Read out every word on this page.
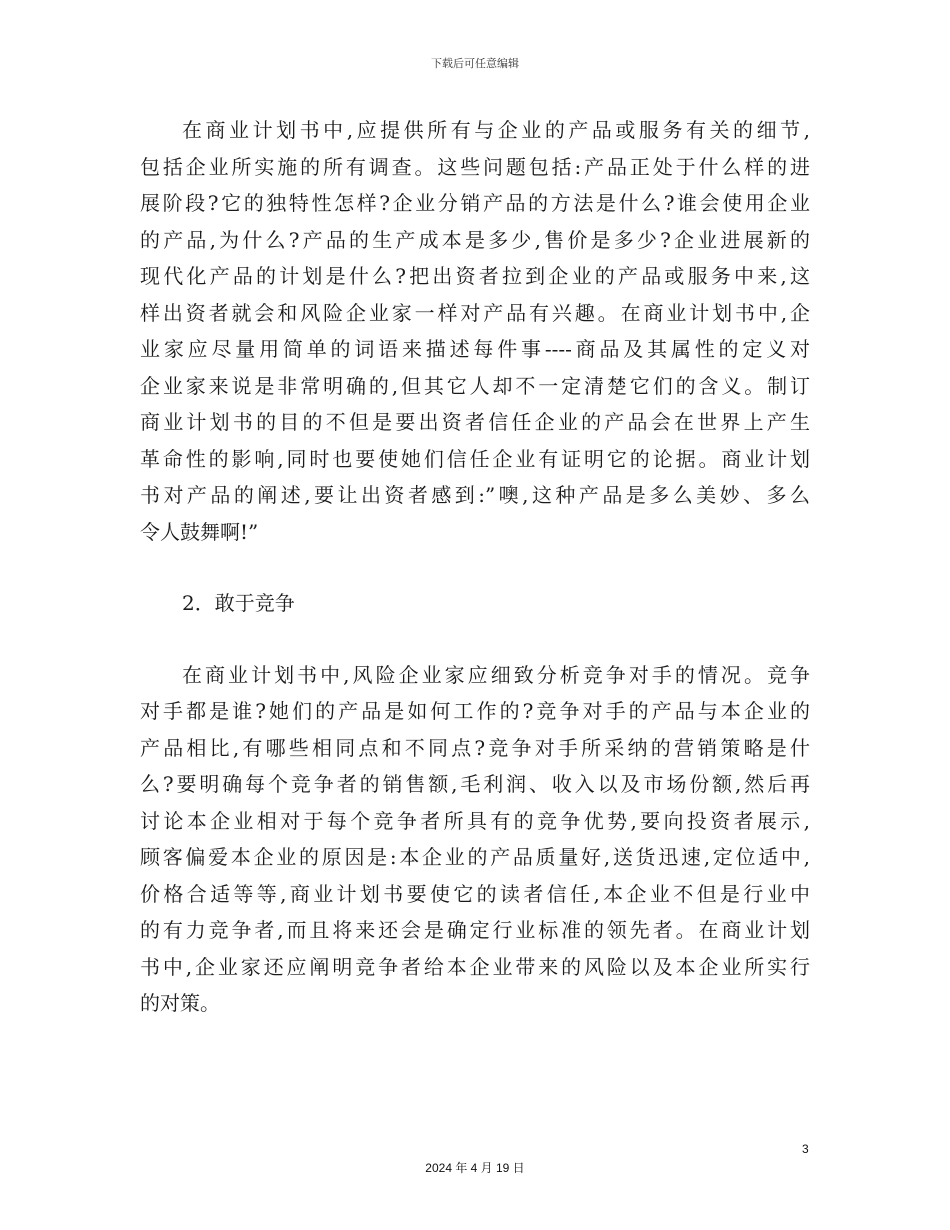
下载后可任意编辑
在商业计划书中,应提供所有与企业的产品或服务有关的细节,
包括企业所实施的所有调查。这些问题包括:产品正处于什么样的进
展阶段?它的独特性怎样?企业分销产品的方法是什么?谁会使用企业
的产品,为什么?产品的生产成本是多少,售价是多少?企业进展新的
现代化产品的计划是什么?把出资者拉到企业的产品或服务中来,这
样出资者就会和风险企业家一样对产品有兴趣。在商业计划书中,企
业家应尽量用简单的词语来描述每件事----商品及其属性的定义对
企业家来说是非常明确的,但其它人却不一定清楚它们的含义。制订
商业计划书的目的不但是要出资者信任企业的产品会在世界上产生
革命性的影响,同时也要使她们信任企业有证明它的论据。商业计划
书对产品的阐述,要让出资者感到:”噢,这种产品是多么美妙、多么
令人鼓舞啊!”
2．敢于竞争
在商业计划书中,风险企业家应细致分析竞争对手的情况。竞争
对手都是谁?她们的产品是如何工作的?竞争对手的产品与本企业的
产品相比,有哪些相同点和不同点?竞争对手所采纳的营销策略是什
么?要明确每个竞争者的销售额,毛利润、收入以及市场份额,然后再
讨论本企业相对于每个竞争者所具有的竞争优势,要向投资者展示,
顾客偏爱本企业的原因是:本企业的产品质量好,送货迅速,定位适中,
价格合适等等,商业计划书要使它的读者信任,本企业不但是行业中
的有力竞争者,而且将来还会是确定行业标准的领先者。在商业计划
书中,企业家还应阐明竞争者给本企业带来的风险以及本企业所实行
的对策。
3
2024 年 4 月 19 日
